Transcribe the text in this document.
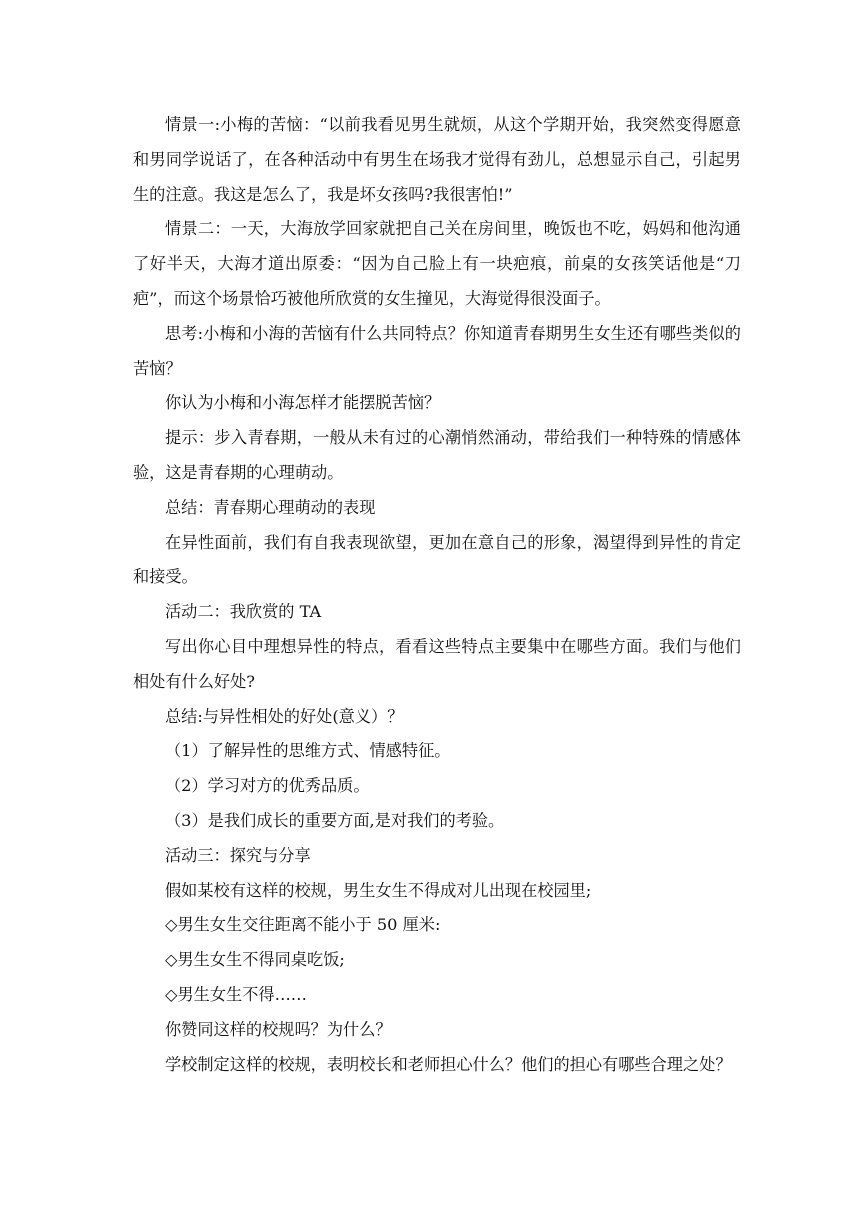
情景一:小梅的苦恼：“以前我看见男生就烦，从这个学期开始，我突然变得愿意和男同学说话了，在各种活动中有男生在场我才觉得有劲儿，总想显示自己，引起男生的注意。我这是怎么了，我是坏女孩吗?我很害怕!”

情景二：一天，大海放学回家就把自己关在房间里，晚饭也不吃，妈妈和他沟通了好半天，大海才道出原委：“因为自己脸上有一块疤痕，前桌的女孩笑话他是“刀疤”，而这个场景恰巧被他所欣赏的女生撞见，大海觉得很没面子。

思考:小梅和小海的苦恼有什么共同特点？你知道青春期男生女生还有哪些类似的苦恼？

你认为小梅和小海怎样才能摆脱苦恼？

提示：步入青春期，一般从未有过的心潮悄然涌动，带给我们一种特殊的情感体验，这是青春期的心理萌动。

总结：青春期心理萌动的表现

在异性面前，我们有自我表现欲望，更加在意自己的形象，渴望得到异性的肯定和接受。

活动二：我欣赏的 TA

写出你心目中理想异性的特点，看看这些特点主要集中在哪些方面。我们与他们相处有什么好处?

总结:与异性相处的好处(意义）？

（1）了解异性的思维方式、情感特征。

（2）学习对方的优秀品质。

（3）是我们成长的重要方面,是对我们的考验。

活动三：探究与分享

假如某校有这样的校规，男生女生不得成对儿出现在校园里;

◇男生女生交往距离不能小于 50 厘米:

◇男生女生不得同桌吃饭;

◇男生女生不得……

你赞同这样的校规吗？为什么？

学校制定这样的校规，表明校长和老师担心什么？他们的担心有哪些合理之处？
